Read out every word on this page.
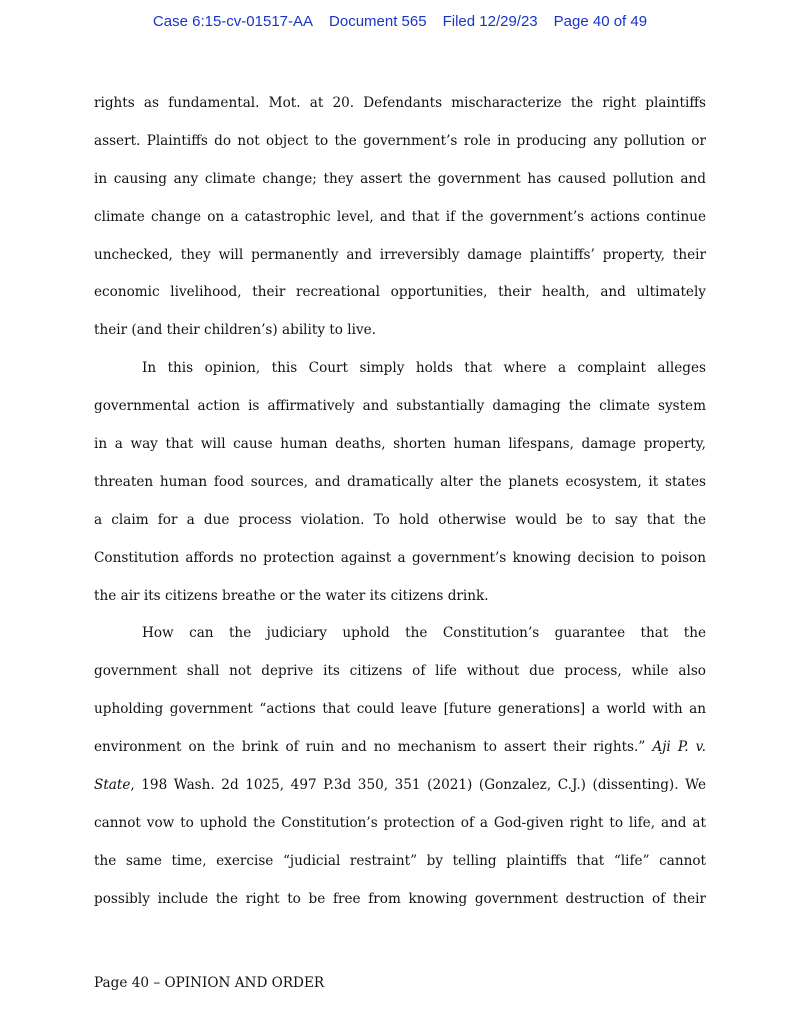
Case 6:15-cv-01517-AA Document 565 Filed 12/29/23 Page 40 of 49
rights as fundamental. Mot. at 20. Defendants mischaracterize the right plaintiffs
assert. Plaintiffs do not object to the government’s role in producing any pollution or
in causing any climate change; they assert the government has caused pollution and
climate change on a catastrophic level, and that if the government’s actions continue
unchecked, they will permanently and irreversibly damage plaintiffs’ property, their
economic livelihood, their recreational opportunities, their health, and ultimately
their (and their children’s) ability to live.
In this opinion, this Court simply holds that where a complaint alleges
governmental action is affirmatively and substantially damaging the climate system
in a way that will cause human deaths, shorten human lifespans, damage property,
threaten human food sources, and dramatically alter the planets ecosystem, it states
a claim for a due process violation. To hold otherwise would be to say that the
Constitution affords no protection against a government’s knowing decision to poison
the air its citizens breathe or the water its citizens drink.
How can the judiciary uphold the Constitution’s guarantee that the
government shall not deprive its citizens of life without due process, while also
upholding government “actions that could leave [future generations] a world with an
environment on the brink of ruin and no mechanism to assert their rights.” Aji P. v.
State, 198 Wash. 2d 1025, 497 P.3d 350, 351 (2021) (Gonzalez, C.J.) (dissenting). We
cannot vow to uphold the Constitution’s protection of a God-given right to life, and at
the same time, exercise “judicial restraint” by telling plaintiffs that “life” cannot
possibly include the right to be free from knowing government destruction of their
Page 40 – OPINION AND ORDER
